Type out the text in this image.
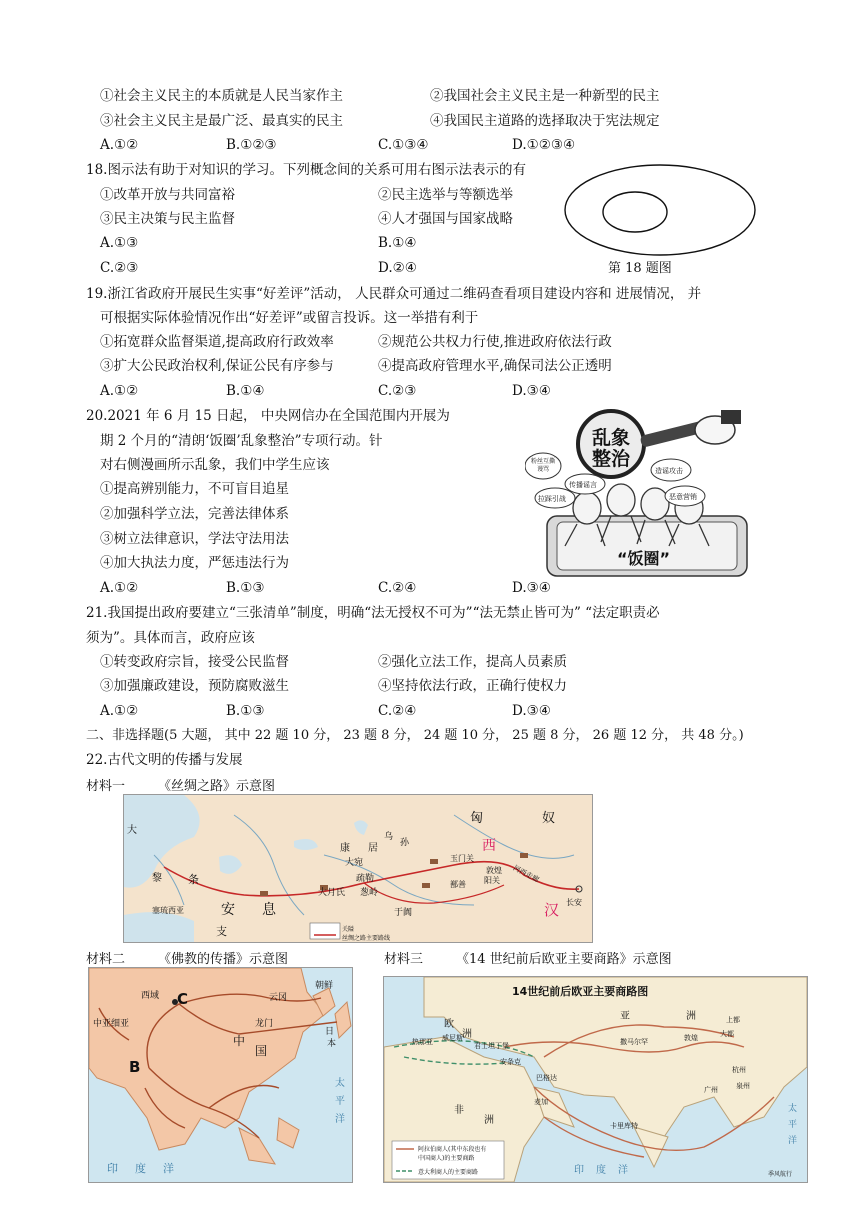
①社会主义民主的本质就是人民当家作主	②我国社会主义民主是一种新型的民主
③社会主义民主是最广泛、最真实的民主	④我国民主道路的选择取决于宪法规定
A.①②	B.①②③	C.①③④	D.①②③④
18.图示法有助于对知识的学习。下列概念间的关系可用右图示法表示的有
①改革开放与共同富裕	②民主选举与等额选举
③民主决策与民主监督	④人才强国与国家战略
A.①③	B.①④
C.②③	D.②④	第 18 题图
19.浙江省政府开展民生实事“好差评”活动， 人民群众可通过二维码查看项目建设内容和 进展情况， 并
可根据实际体验情况作出“好差评”或留言投诉。这一举措有利于
①拓宽群众监督渠道,提高政府行政效率	②规范公共权力行使,推进政府依法行政
③扩大公民政治权利,保证公民有序参与	④提高政府管理水平,确保司法公正透明
A.①②	B.①④	C.②③	D.③④
20.2021 年 6 月 15 日起， 中央网信办在全国范围内开展为
期 2 个月的“清朗‘饭圈’乱象整治”专项行动。针
对右侧漫画所示乱象，我们中学生应该
①提高辨别能力，不可盲目追星
②加强科学立法，完善法律体系
③树立法律意识，学法守法用法
④加大执法力度，严惩违法行为
A.①②	B.①③	C.②④	D.③④
乱象整治
粉丝互撕谩骂
拉踩引战
传播谣言
造谣攻击
恶意营销
“饭圈”
21.我国提出政府要建立“三张清单”制度，明确“法无授权不可为”“法无禁止皆可为” “法定职责必
须为”。具体而言，政府应该
①转变政府宗旨，接受公民监督	②强化立法工作，提高人员素质
③加强廉政建设，预防腐败滋生	④坚持依法行政，正确行使权力
A.①②	B.①③	C.②④	D.③④
二、非选择题(5 大题， 其中 22 题 10 分， 23 题 8 分， 24 题 10 分， 25 题 8 分， 26 题 12 分， 共 48 分。)
22.古代文明的传播与发展
材料一	《丝绸之路》示意图
大
匈	奴
康 居
乌
孙
大宛
西
玉门关
疏勒
敦煌 河西走廊
条
安 息
大月氏 葱岭
鄯善 阳关
塞琉西亚
支
于阗	汉 长安
黎
关隘
丝绸之路主要路线
材料二	《佛教的传播》示意图	材料三	《14 世纪前后欧亚主要商路》示意图
西域 C	云冈
朝鲜
中亚细亚	龙门
中
国
日
本
B
印 度 洋
太
平
洋
14世纪前后欧亚主要商路图
欧
洲
亚	洲
热那亚 威尼斯
君士坦丁堡
安条克
巴格达
撒马尔罕	敦煌
上都
大都
泉州
杭州
广州
非
洲
麦加
卡里库特
印 度 洋
太
平
洋
阿拉伯商人(其中东段也有
中国商人)的主要商路
意大利商人的主要商路	季风航行
